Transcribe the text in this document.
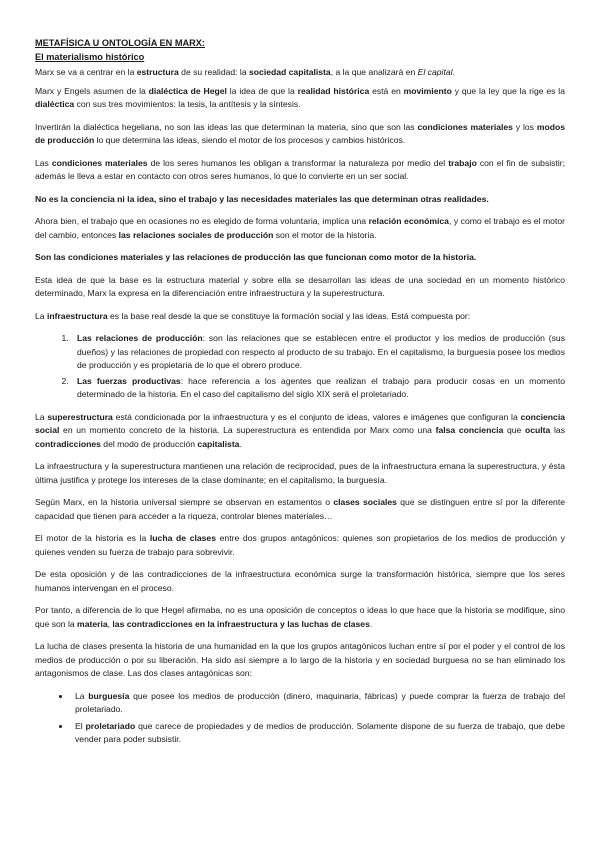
METAFÍSICA U ONTOLOGÍA EN MARX:
El materialismo histórico

Marx se va a centrar en la estructura de su realidad: la sociedad capitalista, a la que analizará en El capital.

Marx y Engels asumen de la dialéctica de Hegel la idea de que la realidad histórica está en movimiento y que la ley que la rige es la dialéctica con sus tres movimientos: la tesis, la antítesis y la síntesis.

Invertirán la dialéctica hegeliana, no son las ideas las que determinan la materia, sino que son las condiciones materiales y los modos de producción lo que determina las ideas, siendo el motor de los procesos y cambios históricos.

Las condiciones materiales de los seres humanos les obligan a transformar la naturaleza por medio del trabajo con el fin de subsistir; además le lleva a estar en contacto con otros seres humanos, lo que lo convierte en un ser social.

No es la conciencia ni la idea, sino el trabajo y las necesidades materiales las que determinan otras realidades.

Ahora bien, el trabajo que en ocasiones no es elegido de forma voluntaria, implica una relación económica, y como el trabajo es el motor del cambio, entonces las relaciones sociales de producción son el motor de la historia.

Son las condiciones materiales y las relaciones de producción las que funcionan como motor de la historia.

Esta idea de que la base es la estructura material y sobre ella se desarrollan las ideas de una sociedad en un momento histórico determinado, Marx la expresa en la diferenciación entre infraestructura y la superestructura.

La infraestructura es la base real desde la que se constituye la formación social y las ideas. Está compuesta por:

1. Las relaciones de producción: son las relaciones que se establecen entre el productor y los medios de producción (sus dueños) y las relaciones de propiedad con respecto al producto de su trabajo. En el capitalismo, la burguesía posee los medios de producción y es propietaria de lo que el obrero produce.
2. Las fuerzas productivas: hace referencia a los agentes que realizan el trabajo para producir cosas en un momento determinado de la historia. En el caso del capitalismo del siglo XIX será el proletariado.

La superestructura está condicionada por la infraestructura y es el conjunto de ideas, valores e imágenes que configuran la conciencia social en un momento concreto de la historia. La superestructura es entendida por Marx como una falsa conciencia que oculta las contradicciones del modo de producción capitalista.

La infraestructura y la superestructura mantienen una relación de reciprocidad, pues de la infraestructura emana la superestructura, y ésta última justifica y protege los intereses de la clase dominante; en el capitalismo, la burguesía.

Según Marx, en la historia universal siempre se observan en estamentos o clases sociales que se distinguen entre sí por la diferente capacidad que tienen para acceder a la riqueza, controlar bienes materiales…

El motor de la historia es la lucha de clases entre dos grupos antagónicos: quienes son propietarios de los medios de producción y quienes venden su fuerza de trabajo para sobrevivir.

De esta oposición y de las contradicciones de la infraestructura económica surge la transformación histórica, siempre que los seres humanos intervengan en el proceso.

Por tanto, a diferencia de lo que Hegel afirmaba, no es una oposición de conceptos o ideas lo que hace que la historia se modifique, sino que son la materia, las contradicciones en la infraestructura y las luchas de clases.

La lucha de clases presenta la historia de una humanidad en la que los grupos antagónicos luchan entre sí por el poder y el control de los medios de producción o por su liberación. Ha sido así siempre a lo largo de la historia y en sociedad burguesa no se han eliminado los antagonismos de clase. Las dos clases antagónicas son:

• La burguesía que posee los medios de producción (dinero, maquinaria, fábricas) y puede comprar la fuerza de trabajo del proletariado.
• El proletariado que carece de propiedades y de medios de producción. Solamente dispone de su fuerza de trabajo, que debe vender para poder subsistir.
